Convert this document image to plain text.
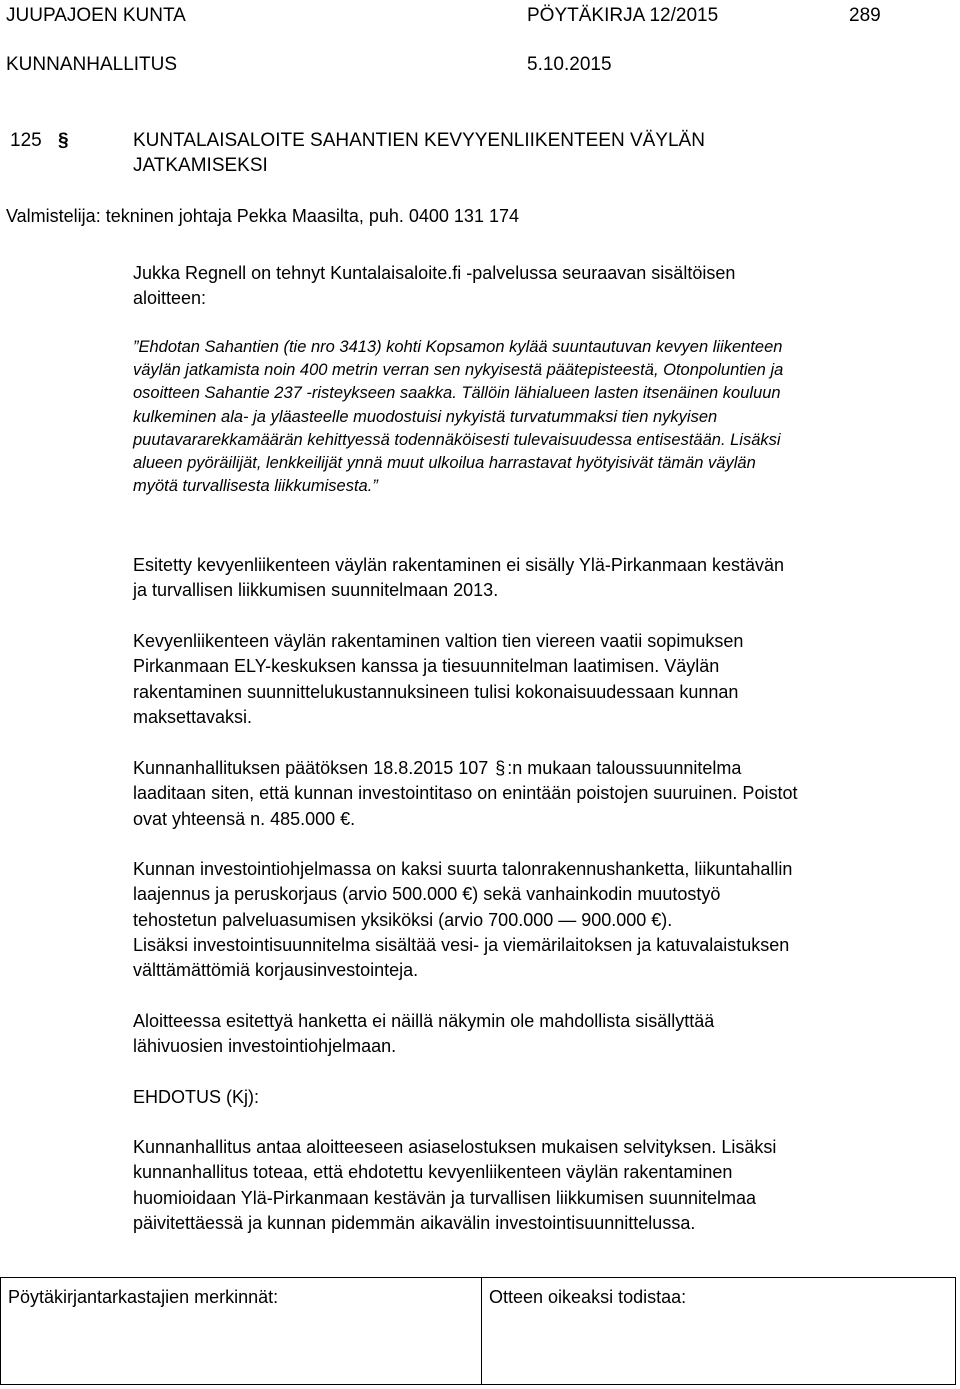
JUUPAJOEN KUNTA	PÖYTÄKIRJA 12/2015	289
KUNNANHALLITUS	5.10.2015
125 §	KUNTALAISALOITE SAHANTIEN KEVYYENLIIKENTEEN VÄYLÄN
JATKAMISEKSI
Valmistelija: tekninen johtaja Pekka Maasilta, puh. 0400 131 174
Jukka Regnell on tehnyt Kuntalaisaloite.fi -palvelussa seuraavan sisältöisen
aloitteen:
”Ehdotan Sahantien (tie nro 3413) kohti Kopsamon kylää suuntautuvan kevyen liikenteen
väylän jatkamista noin 400 metrin verran sen nykyisestä päätepisteestä, Otonpoluntien ja
osoitteen Sahantie 237 -risteykseen saakka. Tällöin lähialueen lasten itsenäinen kouluun
kulkeminen ala- ja yläasteelle muodostuisi nykyistä turvatummaksi tien nykyisen
puutavararekkamäärän kehittyessä todennäköisesti tulevaisuudessa entisestään. Lisäksi
alueen pyöräilijät, lenkkeilijät ynnä muut ulkoilua harrastavat hyötyisivät tämän väylän
myötä turvallisesta liikkumisesta.”
Esitetty kevyenliikenteen väylän rakentaminen ei sisälly Ylä-Pirkanmaan kestävän
ja turvallisen liikkumisen suunnitelmaan 2013.
Kevyenliikenteen väylän rakentaminen valtion tien viereen vaatii sopimuksen
Pirkanmaan ELY-keskuksen kanssa ja tiesuunnitelman laatimisen. Väylän
rakentaminen suunnittelukustannuksineen tulisi kokonaisuudessaan kunnan
maksettavaksi.
Kunnanhallituksen päätöksen 18.8.2015 107 § :n mukaan taloussuunnitelma
laaditaan siten, että kunnan investointitaso on enintään poistojen suuruinen. Poistot
ovat yhteensä n. 485.000 €.
Kunnan investointiohjelmassa on kaksi suurta talonrakennushanketta, liikuntahallin
laajennus ja peruskorjaus (arvio 500.000 €) sekä vanhainkodin muutostyö
tehostetun palveluasumisen yksiköksi (arvio 700.000 — 900.000 €).
Lisäksi investointisuunnitelma sisältää vesi- ja viemärilaitoksen ja katuvalaistuksen
välttämättömiä korjausinvestointeja.
Aloitteessa esitettyä hanketta ei näillä näkymin ole mahdollista sisällyttää
lähivuosien investointiohjelmaan.
EHDOTUS (Kj):
Kunnanhallitus antaa aloitteeseen asiaselostuksen mukaisen selvityksen. Lisäksi
kunnanhallitus toteaa, että ehdotettu kevyenliikenteen väylän rakentaminen
huomioidaan Ylä-Pirkanmaan kestävän ja turvallisen liikkumisen suunnitelmaa
päivitettäessä ja kunnan pidemmän aikavälin investointisuunnittelussa.
Pöytäkirjantarkastajien merkinnät:	Otteen oikeaksi todistaa:
